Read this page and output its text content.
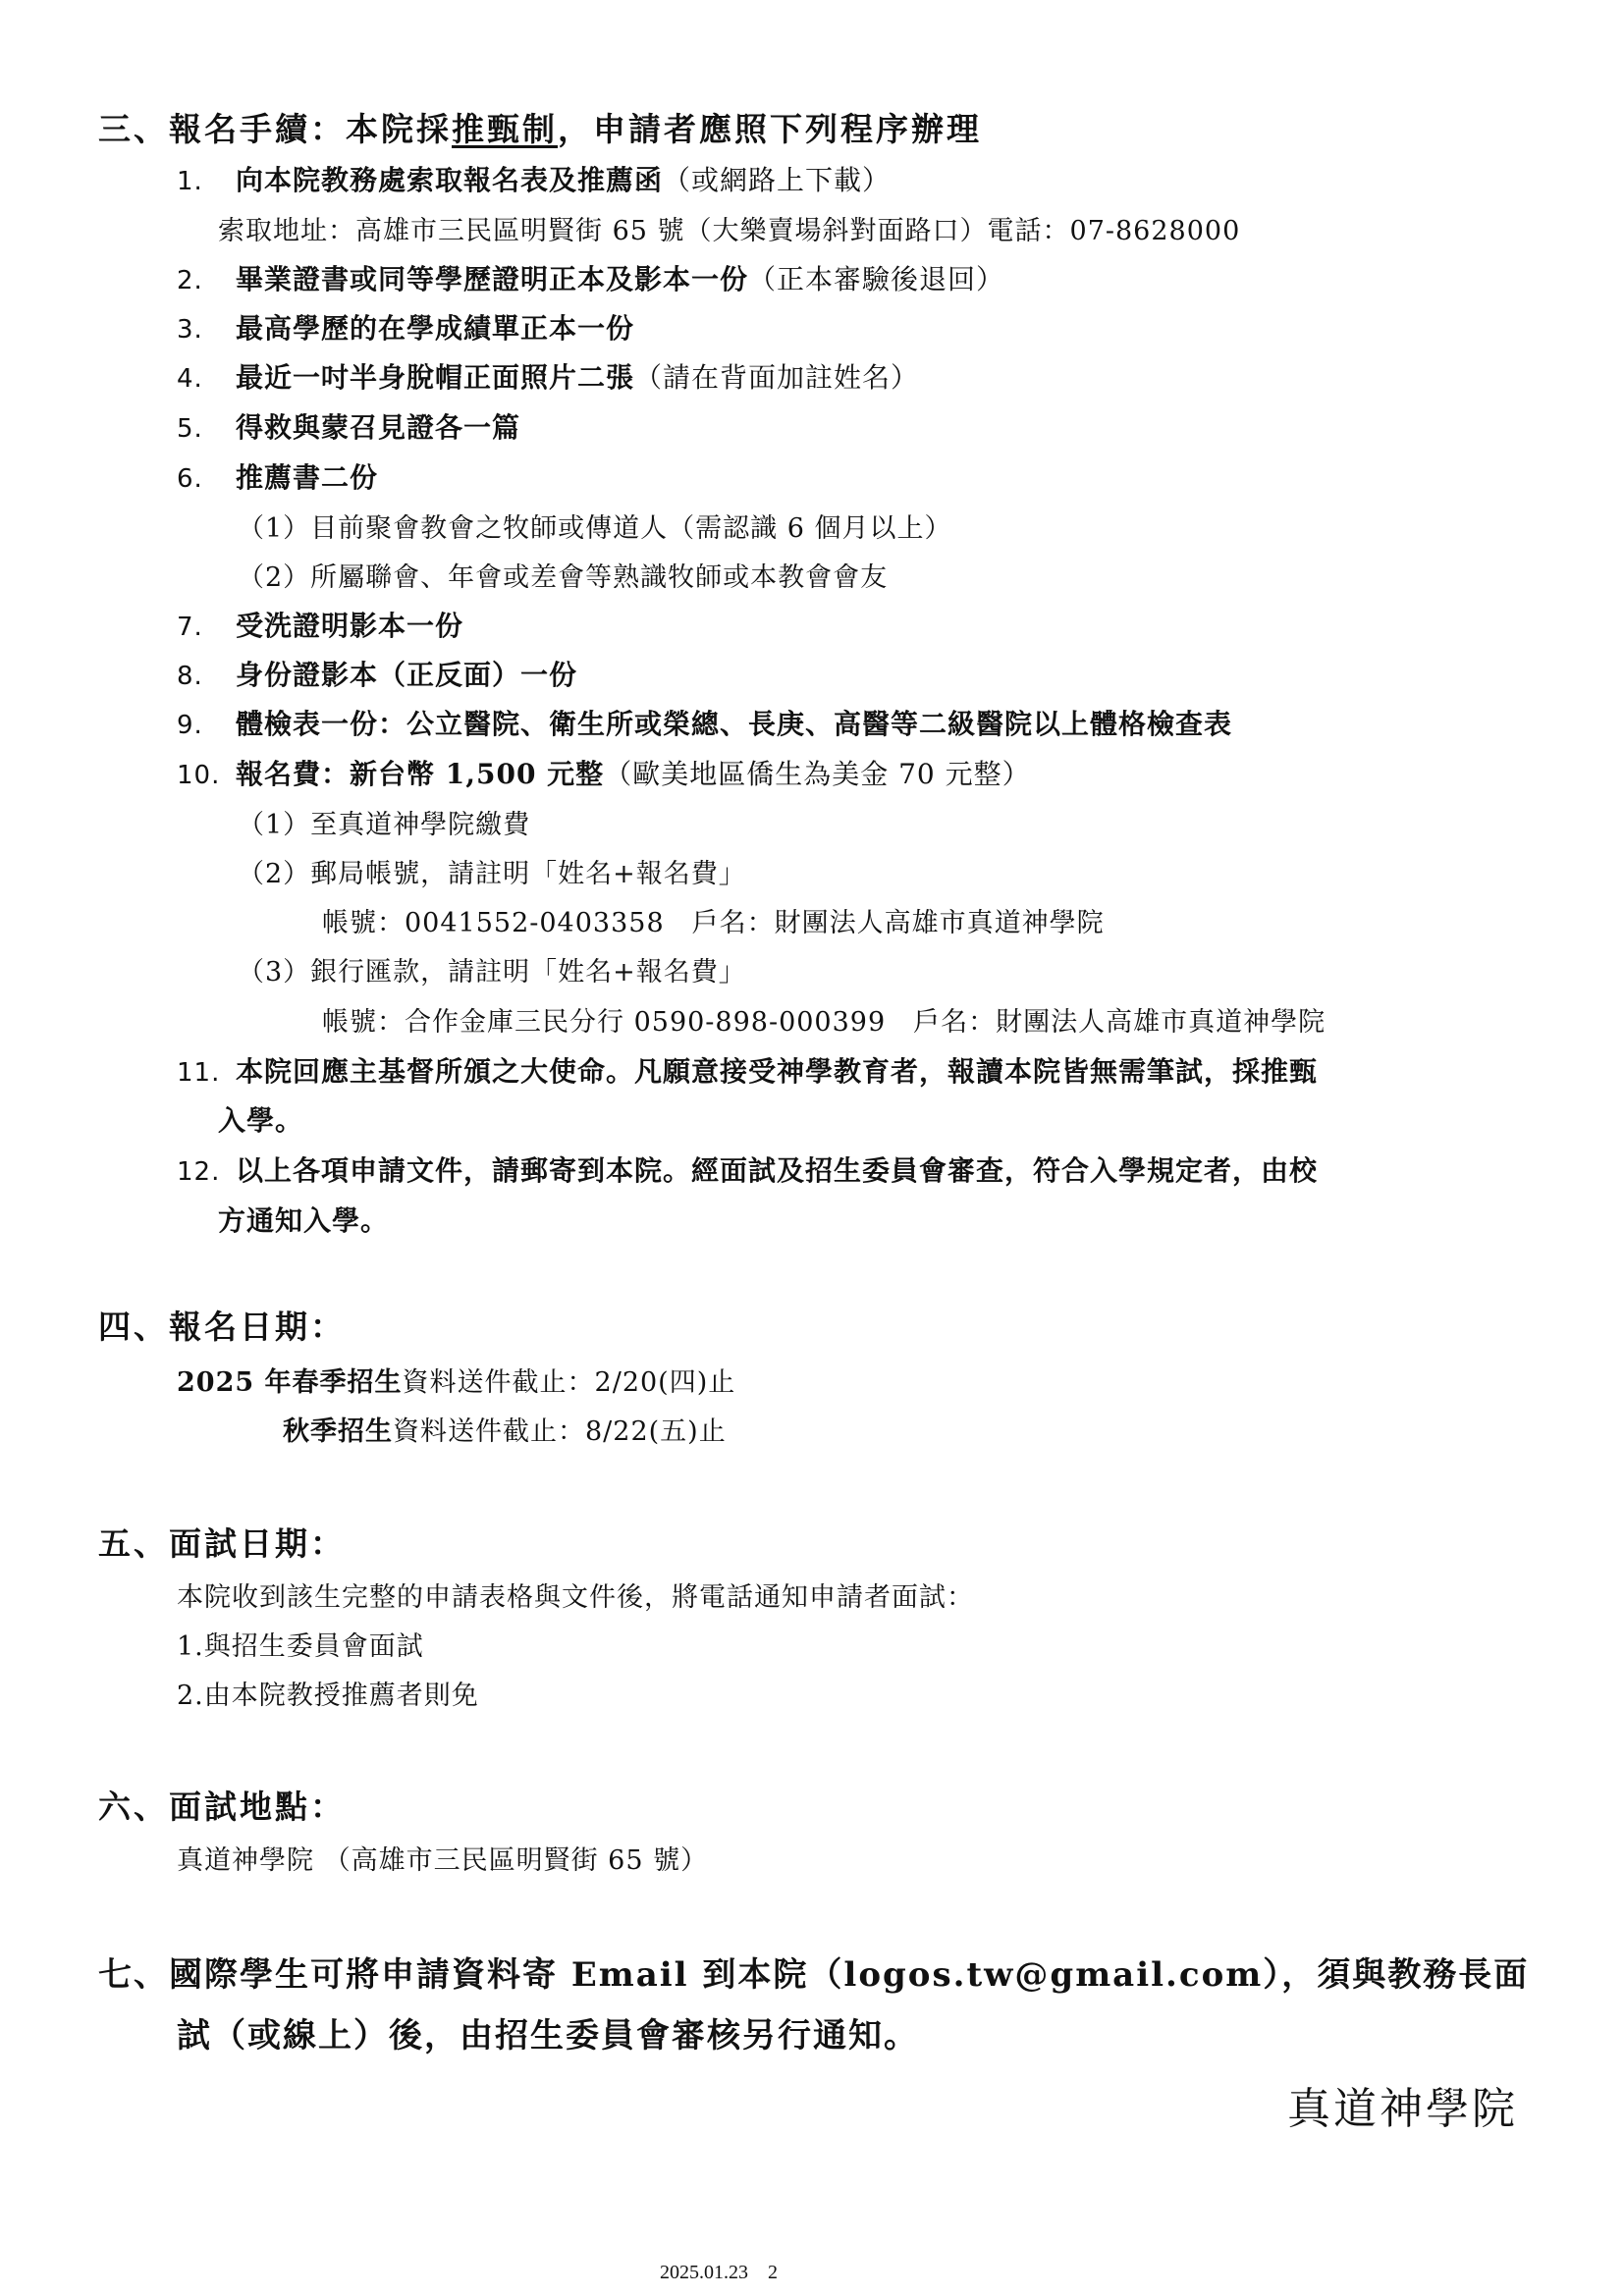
三、報名手續：本院採推甄制，申請者應照下列程序辦理
1. 向本院教務處索取報名表及推薦函（或網路上下載）
索取地址：高雄市三民區明賢街 65 號（大樂賣場斜對面路口）電話：07-8628000
2. 畢業證書或同等學歷證明正本及影本一份（正本審驗後退回）
3. 最高學歷的在學成績單正本一份
4. 最近一吋半身脫帽正面照片二張（請在背面加註姓名）
5. 得救與蒙召見證各一篇
6. 推薦書二份
（1）目前聚會教會之牧師或傳道人（需認識 6 個月以上）
（2）所屬聯會、年會或差會等熟識牧師或本教會會友
7. 受洗證明影本一份
8. 身份證影本（正反面）一份
9. 體檢表一份：公立醫院、衛生所或榮總、長庚、高醫等二級醫院以上體格檢查表
10. 報名費：新台幣 1,500 元整（歐美地區僑生為美金 70 元整）
（1）至真道神學院繳費
（2）郵局帳號，請註明「姓名+報名費」
帳號：0041552-0403358　戶名：財團法人高雄市真道神學院
（3）銀行匯款，請註明「姓名+報名費」
帳號：合作金庫三民分行 0590-898-000399　戶名：財團法人高雄市真道神學院
11. 本院回應主基督所頒之大使命。凡願意接受神學教育者，報讀本院皆無需筆試，採推甄
入學。
12. 以上各項申請文件，請郵寄到本院。經面試及招生委員會審查，符合入學規定者，由校
方通知入學。
四、報名日期：
2025 年春季招生資料送件截止：2/20(四)止
秋季招生資料送件截止：8/22(五)止
五、面試日期：
本院收到該生完整的申請表格與文件後，將電話通知申請者面試：
1.與招生委員會面試
2.由本院教授推薦者則免
六、面試地點：
真道神學院 （高雄市三民區明賢街 65 號）
七、國際學生可將申請資料寄 Email 到本院（logos.tw@gmail.com），須與教務長面
試（或線上）後，由招生委員會審核另行通知。
真道神學院
2025.01.23　2
